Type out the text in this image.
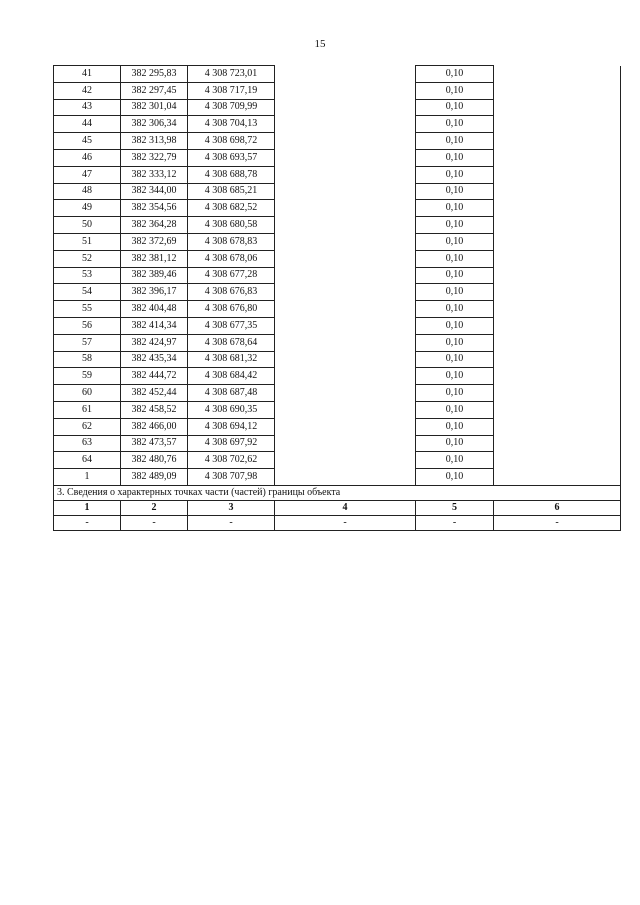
15
41	382 295,83	4 308 723,01		0,10	
42	382 297,45	4 308 717,19		0,10	
43	382 301,04	4 308 709,99		0,10	
44	382 306,34	4 308 704,13		0,10	
45	382 313,98	4 308 698,72		0,10	
46	382 322,79	4 308 693,57		0,10	
47	382 333,12	4 308 688,78		0,10	
48	382 344,00	4 308 685,21		0,10	
49	382 354,56	4 308 682,52		0,10	
50	382 364,28	4 308 680,58		0,10	
51	382 372,69	4 308 678,83		0,10	
52	382 381,12	4 308 678,06		0,10	
53	382 389,46	4 308 677,28		0,10	
54	382 396,17	4 308 676,83		0,10	
55	382 404,48	4 308 676,80		0,10	
56	382 414,34	4 308 677,35		0,10	
57	382 424,97	4 308 678,64		0,10	
58	382 435,34	4 308 681,32		0,10	
59	382 444,72	4 308 684,42		0,10	
60	382 452,44	4 308 687,48		0,10	
61	382 458,52	4 308 690,35		0,10	
62	382 466,00	4 308 694,12		0,10	
63	382 473,57	4 308 697,92		0,10	
64	382 480,76	4 308 702,62		0,10	
1	382 489,09	4 308 707,98		0,10	
3. Сведения о характерных точках части (частей) границы объекта					
1	2	3	4	5	6
-	-	-	-	-	-
